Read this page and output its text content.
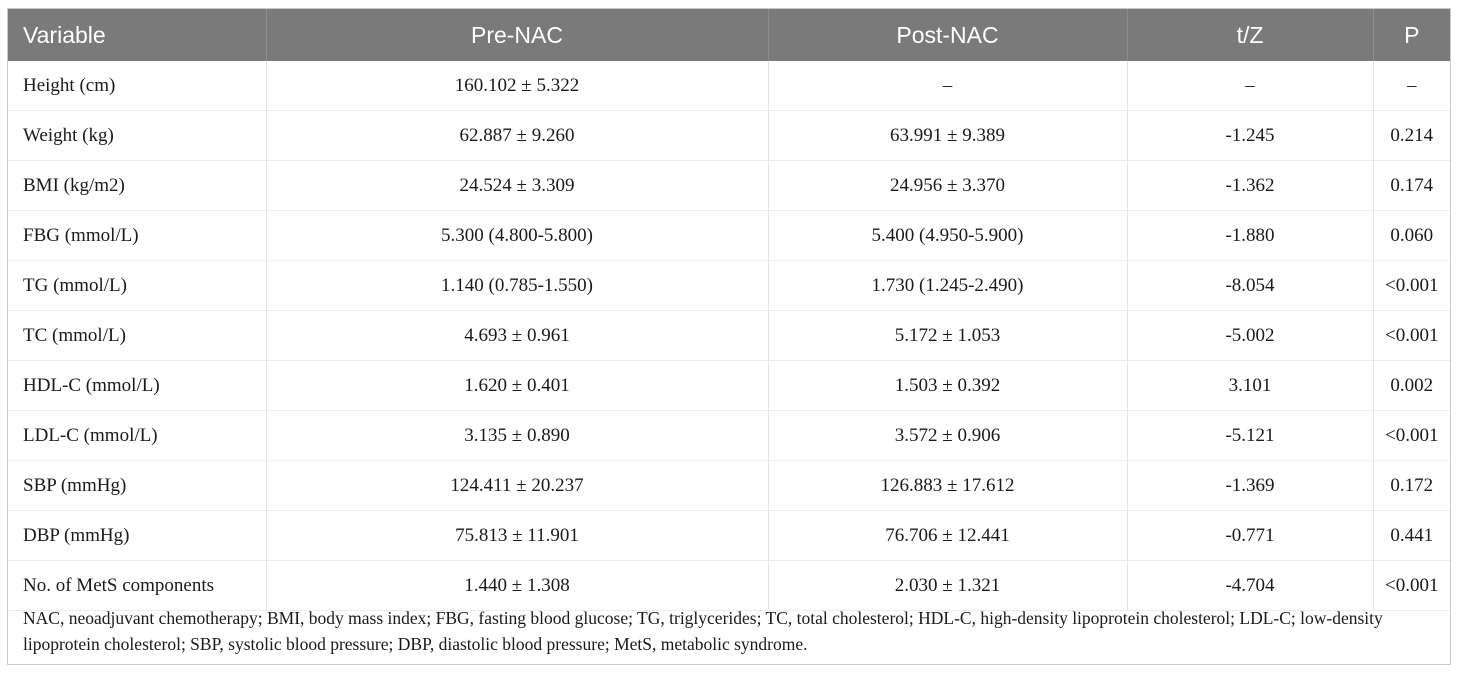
Variable	Pre-NAC	Post-NAC	t/Z	P
Height (cm)	160.102 ± 5.322	–	–	–
Weight (kg)	62.887 ± 9.260	63.991 ± 9.389	-1.245	0.214
BMI (kg/m2)	24.524 ± 3.309	24.956 ± 3.370	-1.362	0.174
FBG (mmol/L)	5.300 (4.800-5.800)	5.400 (4.950-5.900)	-1.880	0.060
TG (mmol/L)	1.140 (0.785-1.550)	1.730 (1.245-2.490)	-8.054	<0.001
TC (mmol/L)	4.693 ± 0.961	5.172 ± 1.053	-5.002	<0.001
HDL-C (mmol/L)	1.620 ± 0.401	1.503 ± 0.392	3.101	0.002
LDL-C (mmol/L)	3.135 ± 0.890	3.572 ± 0.906	-5.121	<0.001
SBP (mmHg)	124.411 ± 20.237	126.883 ± 17.612	-1.369	0.172
DBP (mmHg)	75.813 ± 11.901	76.706 ± 12.441	-0.771	0.441
No. of MetS components	1.440 ± 1.308	2.030 ± 1.321	-4.704	<0.001
NAC, neoadjuvant chemotherapy; BMI, body mass index; FBG, fasting blood glucose; TG, triglycerides; TC, total cholesterol; HDL-C, high-density lipoprotein cholesterol; LDL-C; low-density lipoprotein cholesterol; SBP, systolic blood pressure; DBP, diastolic blood pressure; MetS, metabolic syndrome.
